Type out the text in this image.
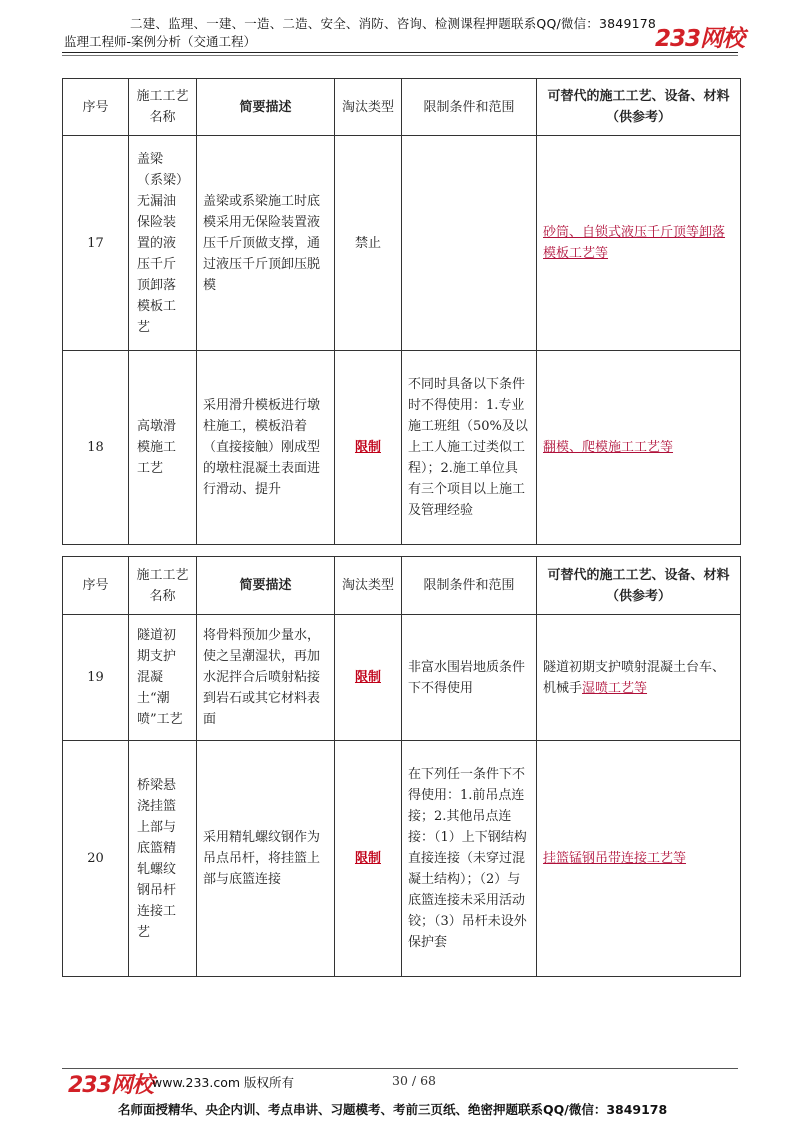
二建、监理、一建、一造、二造、安全、消防、咨询、检测课程押题联系QQ/微信：3849178
监理工程师-案例分析（交通工程）	233网校
序号	施工工艺名称	简要描述	淘汰类型	限制条件和范围	可替代的施工工艺、设备、材料（供参考）
17	盖梁（系梁）无漏油保险装置的液压千斤顶卸落模板工艺	盖梁或系梁施工时底模采用无保险装置液压千斤顶做支撑，通过液压千斤顶卸压脱模	禁止		砂筒、自锁式液压千斤顶等卸落模板工艺等
18	高墩滑模施工工艺	采用滑升模板进行墩柱施工，模板沿着（直接接触）刚成型的墩柱混凝土表面进行滑动、提升	限制	不同时具备以下条件时不得使用：1.专业施工班组（50%及以上工人施工过类似工程）；2.施工单位具有三个项目以上施工及管理经验	翻模、爬模施工工艺等
序号	施工工艺名称	简要描述	淘汰类型	限制条件和范围	可替代的施工工艺、设备、材料（供参考）
19	隧道初期支护混凝土“潮喷”工艺	将骨料预加少量水，使之呈潮湿状，再加水泥拌合后喷射粘接到岩石或其它材料表面	限制	非富水围岩地质条件下不得使用	隧道初期支护喷射混凝土台车、机械手湿喷工艺等
20	桥梁悬浇挂篮上部与底篮精轧螺纹钢吊杆连接工艺	采用精轧螺纹钢作为吊点吊杆，将挂篮上部与底篮连接	限制	在下列任一条件下不得使用：1.前吊点连接；2.其他吊点连接：（1）上下钢结构直接连接（未穿过混凝土结构）；（2）与底篮连接未采用活动铰；（3）吊杆未设外保护套	挂篮锰钢吊带连接工艺等
233网校 www.233.com 版权所有	30 / 68
名师面授精华、央企内训、考点串讲、习题模考、考前三页纸、绝密押题联系QQ/微信：3849178
